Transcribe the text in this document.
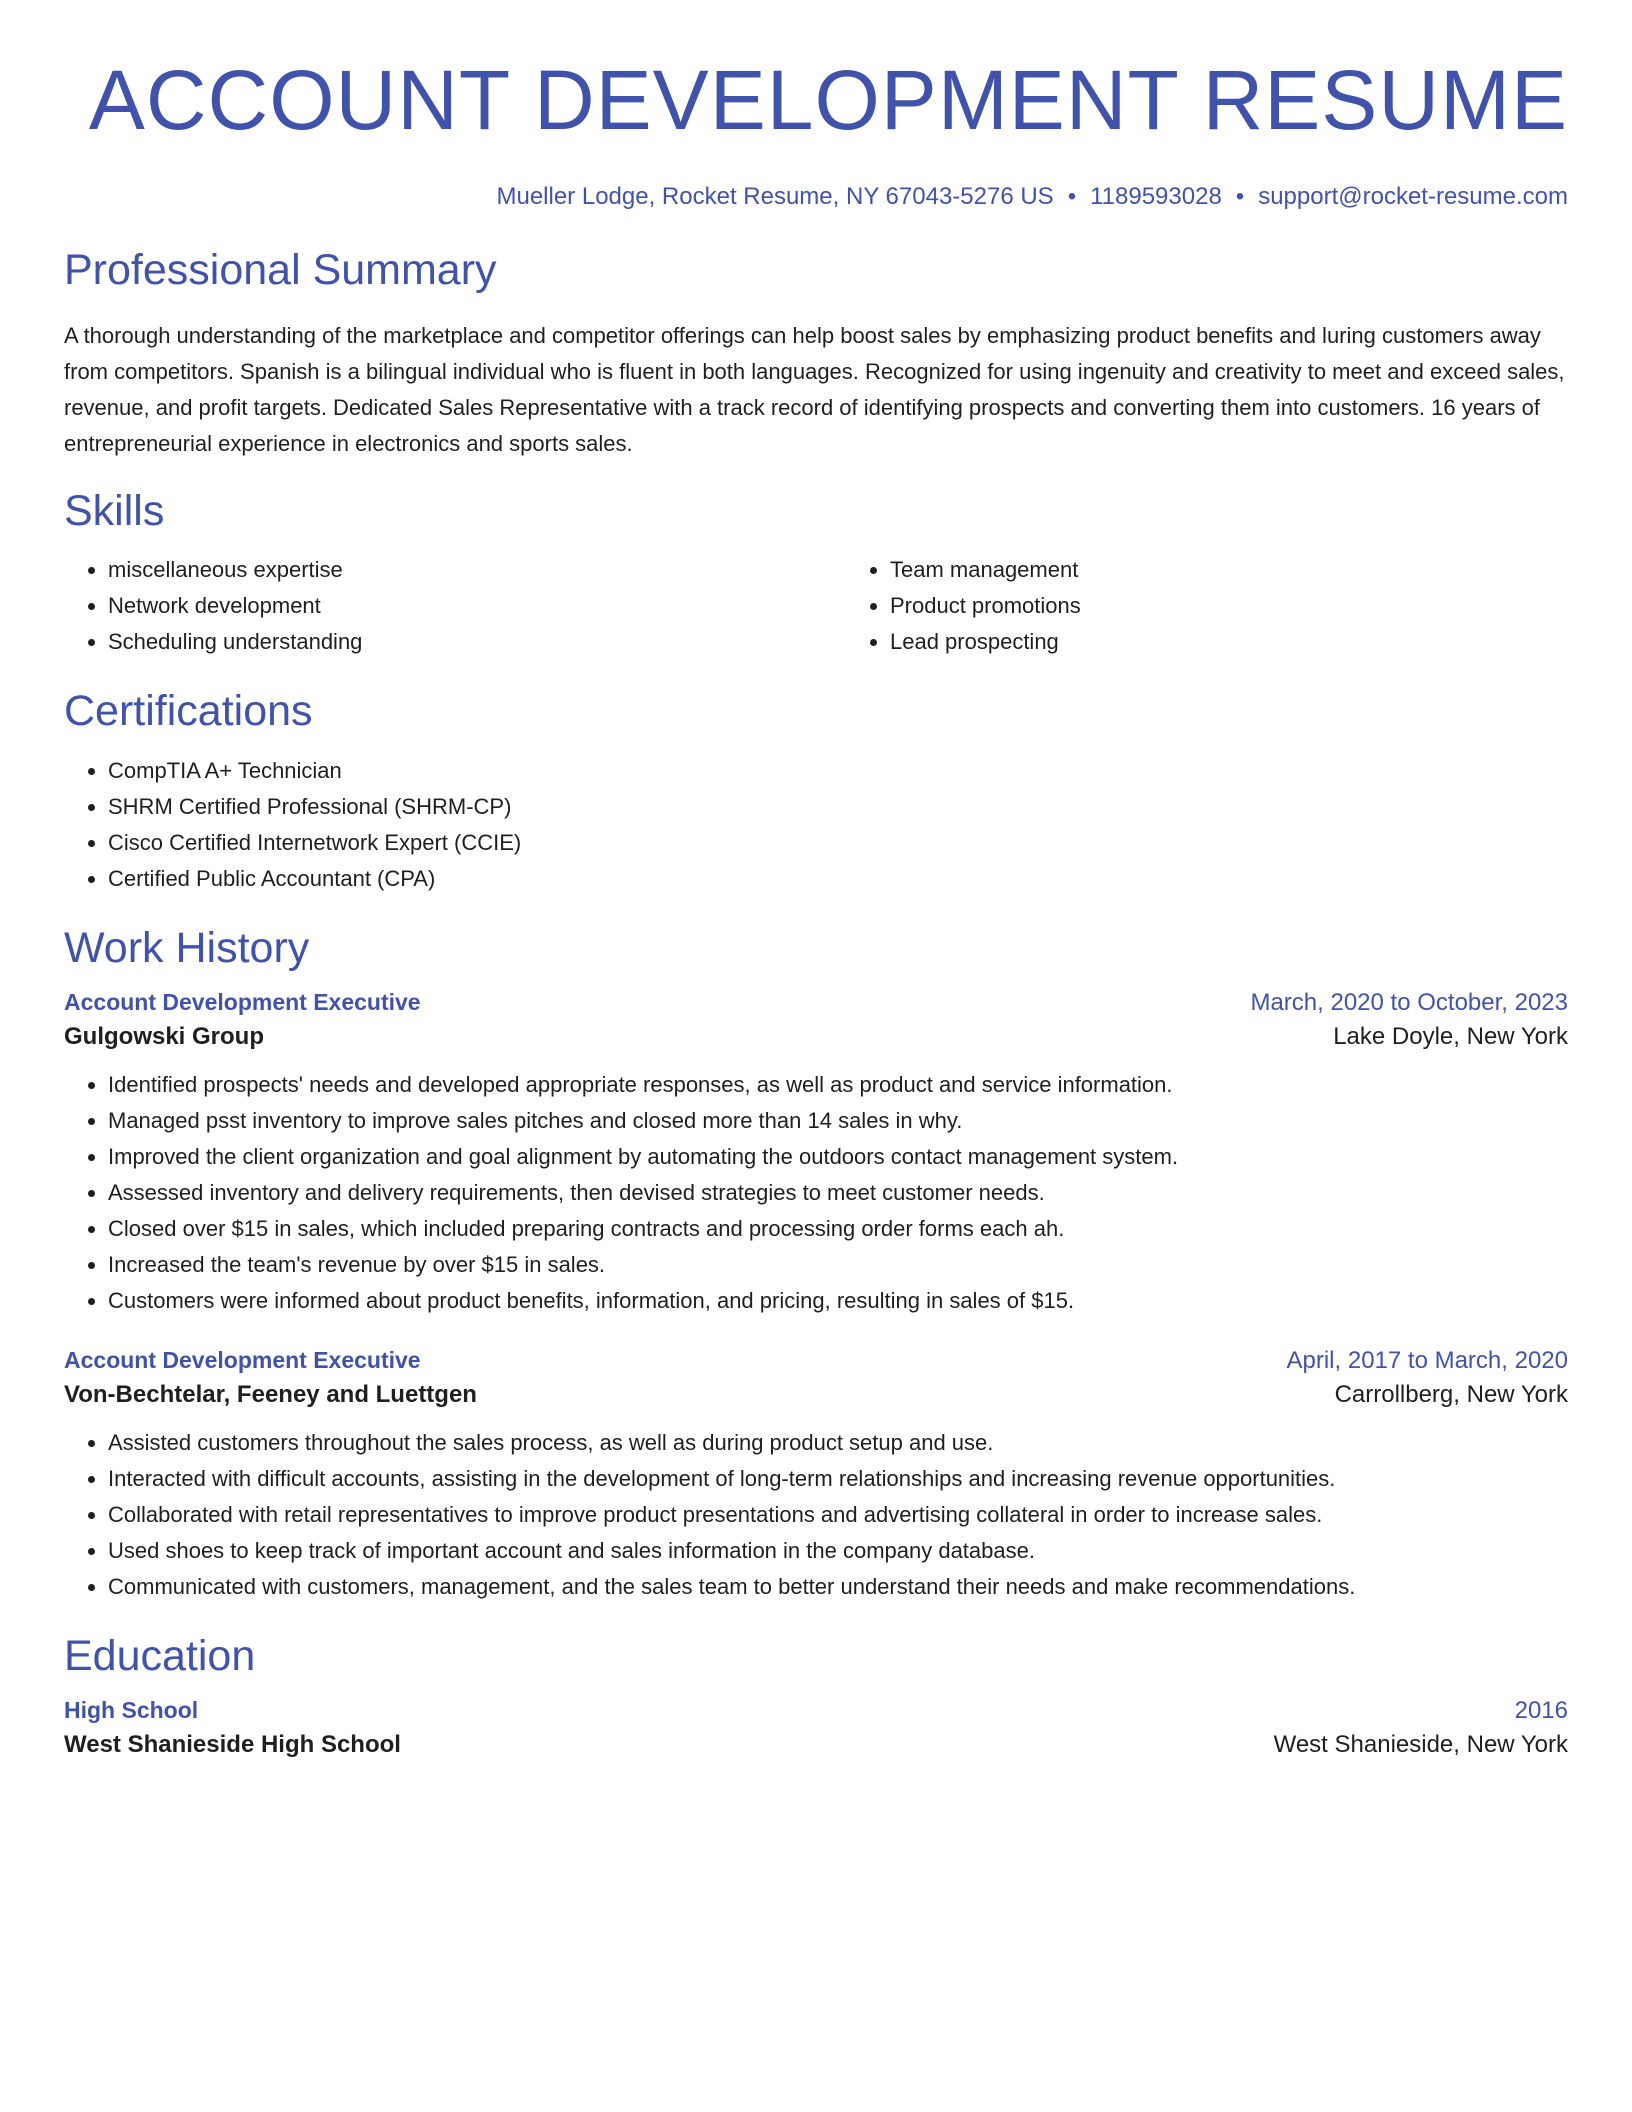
ACCOUNT DEVELOPMENT RESUME
Mueller Lodge, Rocket Resume, NY 67043-5276 US • 1189593028 • support@rocket-resume.com
Professional Summary

A thorough understanding of the marketplace and competitor offerings can help boost sales by emphasizing product benefits and luring customers away from competitors. Spanish is a bilingual individual who is fluent in both languages. Recognized for using ingenuity and creativity to meet and exceed sales, revenue, and profit targets. Dedicated Sales Representative with a track record of identifying prospects and converting them into customers. 16 years of entrepreneurial experience in electronics and sports sales.

Skills
• miscellaneous expertise
• Network development
• Scheduling understanding
• Team management
• Product promotions
• Lead prospecting
Certifications
• CompTIA A+ Technician
• SHRM Certified Professional (SHRM-CP)
• Cisco Certified Internetwork Expert (CCIE)
• Certified Public Accountant (CPA)
Work History
Account Development Executive	March, 2020 to October, 2023
Gulgowski Group	Lake Doyle, New York
• Identified prospects' needs and developed appropriate responses, as well as product and service information.
• Managed psst inventory to improve sales pitches and closed more than 14 sales in why.
• Improved the client organization and goal alignment by automating the outdoors contact management system.
• Assessed inventory and delivery requirements, then devised strategies to meet customer needs.
• Closed over $15 in sales, which included preparing contracts and processing order forms each ah.
• Increased the team's revenue by over $15 in sales.
• Customers were informed about product benefits, information, and pricing, resulting in sales of $15.
Account Development Executive	April, 2017 to March, 2020
Von-Bechtelar, Feeney and Luettgen	Carrollberg, New York
• Assisted customers throughout the sales process, as well as during product setup and use.
• Interacted with difficult accounts, assisting in the development of long-term relationships and increasing revenue opportunities.
• Collaborated with retail representatives to improve product presentations and advertising collateral in order to increase sales.
• Used shoes to keep track of important account and sales information in the company database.
• Communicated with customers, management, and the sales team to better understand their needs and make recommendations.
Education
High School	2016
West Shanieside High School	West Shanieside, New York
